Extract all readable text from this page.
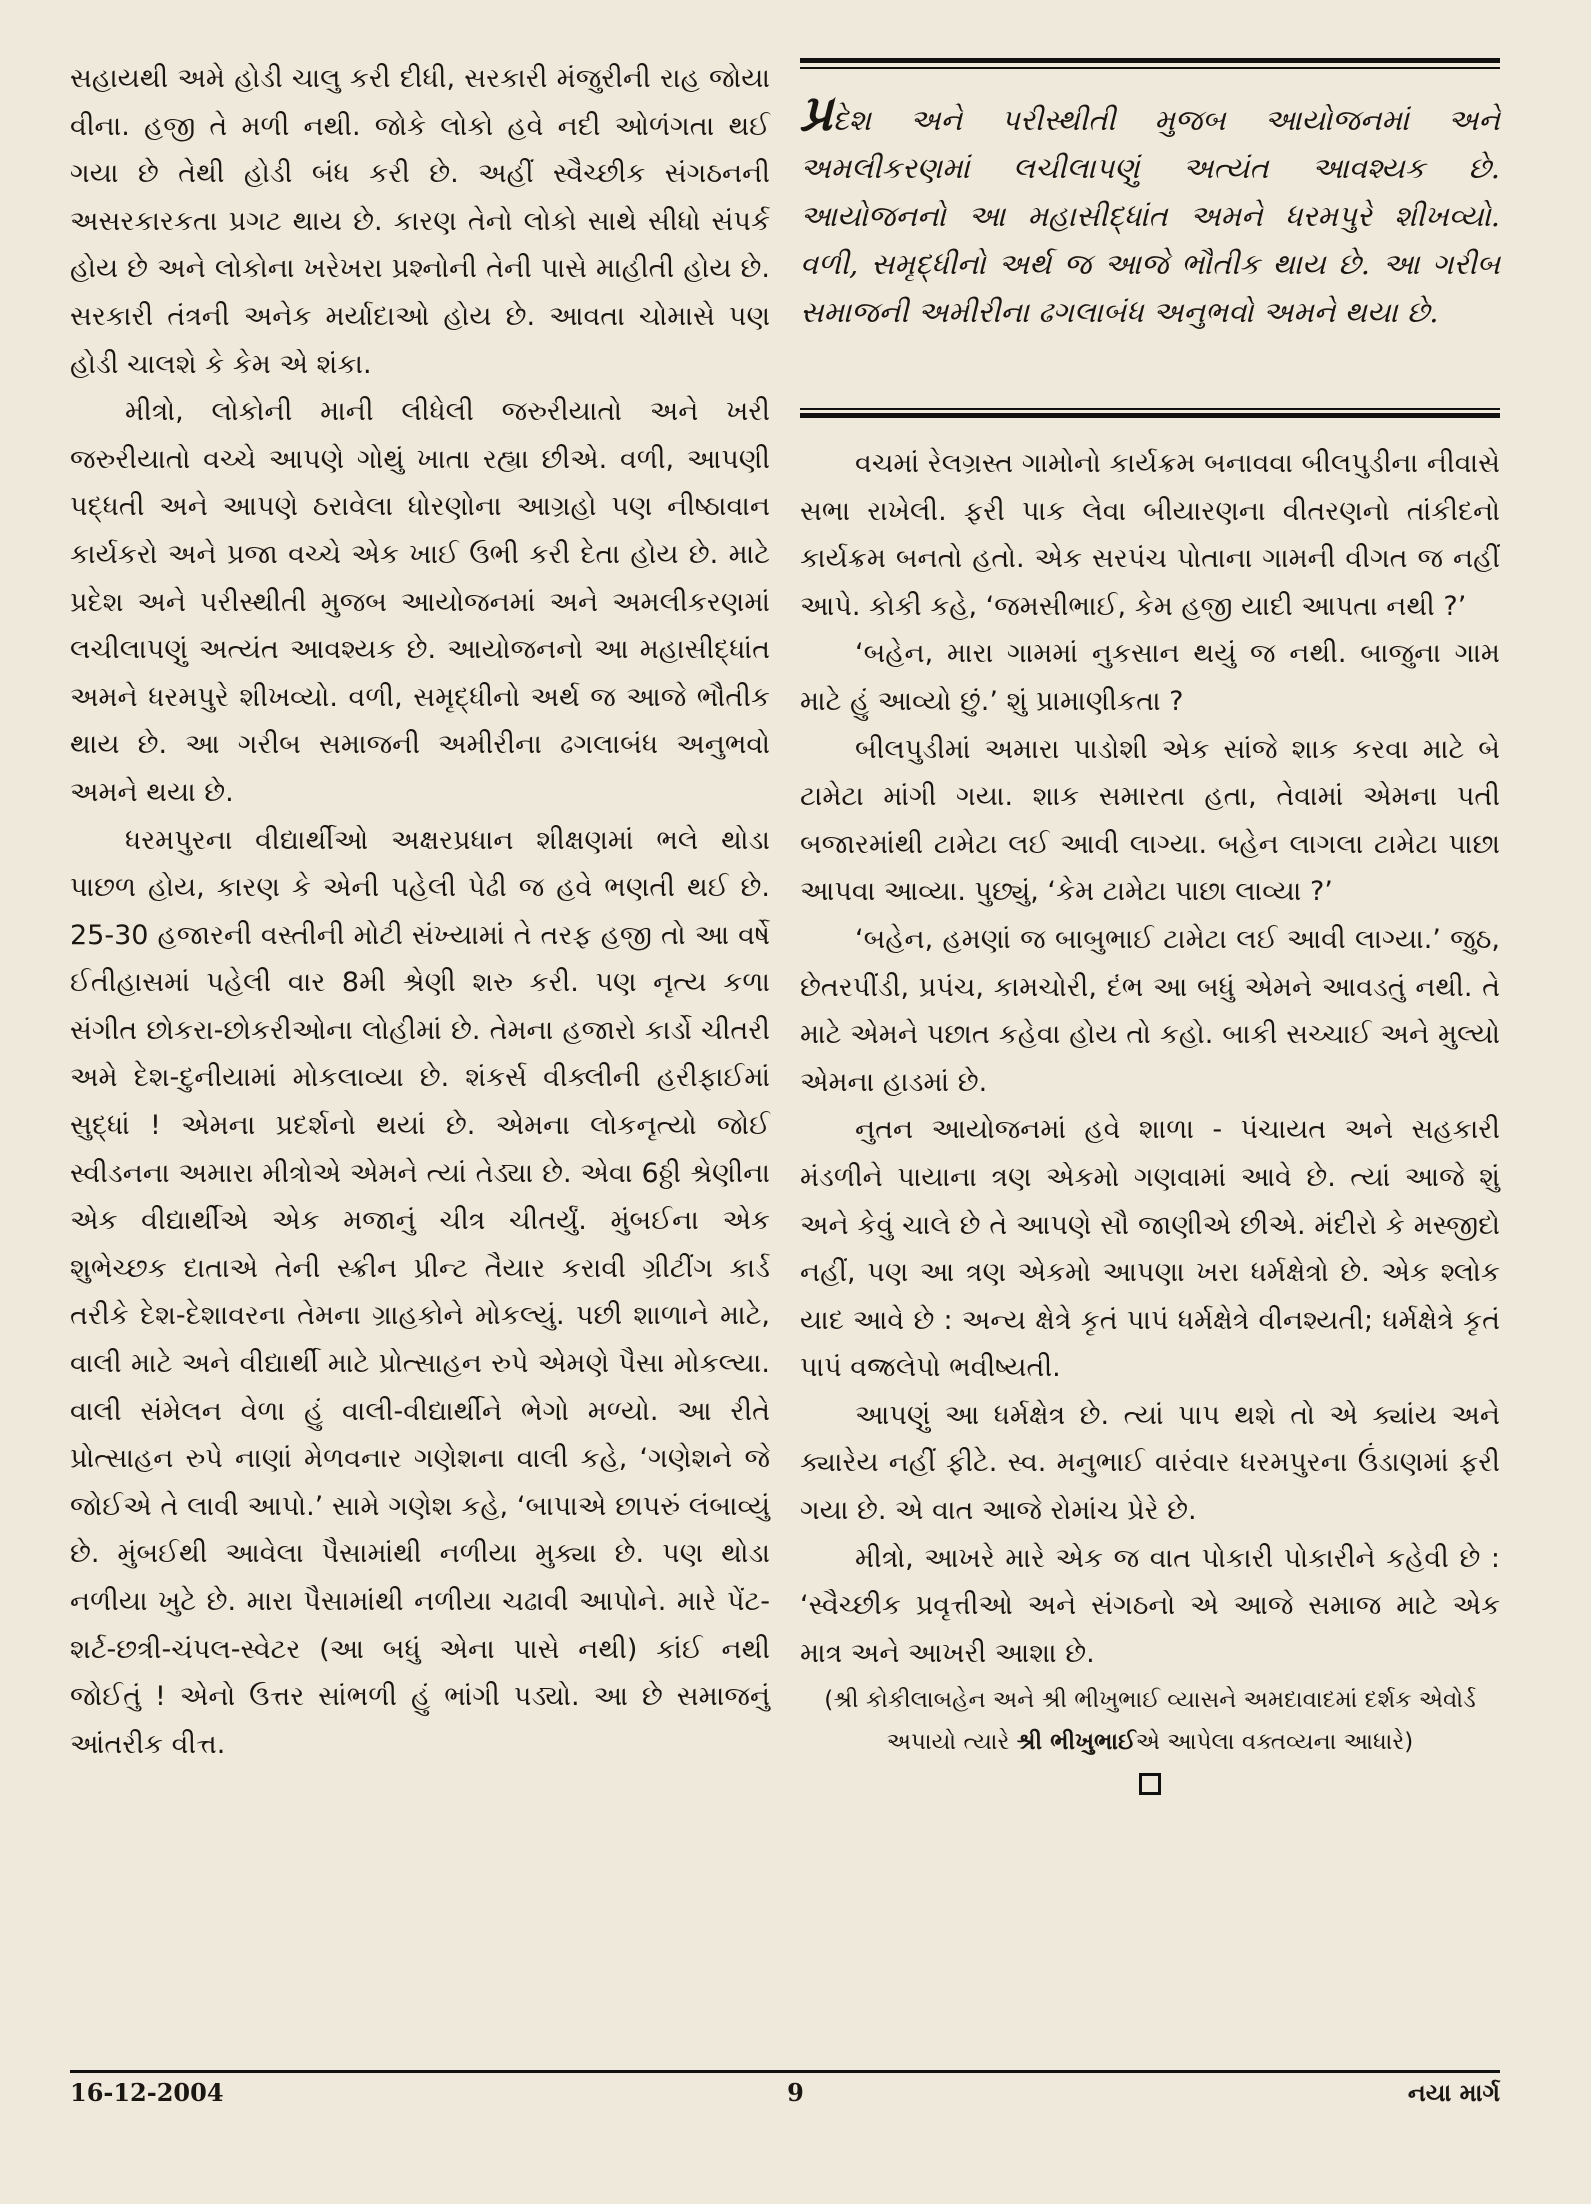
સહાયથી અમે હોડી ચાલુ કરી દીધી, સરકારી મંજુરીની રાહ જોયા વીના. હજી તે મળી નથી. જોકે લોકો હવે નદી ઓળંગતા થઈ ગયા છે તેથી હોડી બંધ કરી છે. અહીં સ્વૈચ્છીક સંગઠનની અસરકારકતા પ્રગટ થાય છે. કારણ તેનો લોકો સાથે સીધો સંપર્ક હોય છે અને લોકોના ખરેખરા પ્રશ્નોની તેની પાસે માહીતી હોય છે. સરકારી તંત્રની અનેક મર્યાદાઓ હોય છે. આવતા ચોમાસે પણ હોડી ચાલશે કે કેમ એ શંકા.

મીત્રો, લોકોની માની લીધેલી જરુરીયાતો અને ખરી જરુરીયાતો વચ્ચે આપણે ગોથું ખાતા રહ્યા છીએ. વળી, આપણી પદ્ધતી અને આપણે ઠરાવેલા ધોરણોના આગ્રહો પણ નીષ્ઠાવાન કાર્યકરો અને પ્રજા વચ્ચે એક ખાઈ ઉભી કરી દેતા હોય છે. માટે પ્રદેશ અને પરીસ્થીતી મુજબ આયોજનમાં અને અમલીકરણમાં લચીલાપણું અત્યંત આવશ્યક છે. આયોજનનો આ મહાસીદ્ધાંત અમને ધરમપુરે શીખવ્યો. વળી, સમૃદ્ધીનો અર્થ જ આજે ભૌતીક થાય છે. આ ગરીબ સમાજની અમીરીના ઢગલાબંધ અનુભવો અમને થયા છે.

ધરમપુરના વીદ્યાર્થીઓ અક્ષરપ્રધાન શીક્ષણમાં ભલે થોડા પાછળ હોય, કારણ કે એની પહેલી પેઢી જ હવે ભણતી થઈ છે. 25-30 હજારની વસ્તીની મોટી સંખ્યામાં તે તરફ હજી તો આ વર્ષે ઈતીહાસમાં પહેલી વાર 8મી શ્રેણી શરુ કરી. પણ નૃત્ય કળા સંગીત છોકરા-છોકરીઓના લોહીમાં છે. તેમના હજારો કાર્ડો ચીતરી અમે દેશ-દુનીયામાં મોકલાવ્યા છે. શંકર્સ વીક્લીની હરીફાઈમાં સુદ્ધાં ! એમના પ્રદર્શનો થયાં છે. એમના લોકનૃત્યો જોઈ સ્વીડનના અમારા મીત્રોએ એમને ત્યાં તેડ્યા છે. એવા 6ઠ્ઠી શ્રેણીના એક વીદ્યાર્થીએ એક મજાનું ચીત્ર ચીતર્યું. મુંબઈના એક શુભેચ્છક દાતાએ તેની સ્ક્રીન પ્રીન્ટ તૈયાર કરાવી ગ્રીટીંગ કાર્ડ તરીકે દેશ-દેશાવરના તેમના ગ્રાહકોને મોકલ્યું. પછી શાળાને માટે, વાલી માટે અને વીદ્યાર્થી માટે પ્રોત્સાહન રુપે એમણે પૈસા મોકલ્યા. વાલી સંમેલન વેળા હું વાલી-વીદ્યાર્થીને ભેગો મળ્યો. આ રીતે પ્રોત્સાહન રુપે નાણાં મેળવનાર ગણેશના વાલી કહે, ‘ગણેશને જે જોઈએ તે લાવી આપો.’ સામે ગણેશ કહે, ‘બાપાએ છાપરું લંબાવ્યું છે. મુંબઈથી આવેલા પૈસામાંથી નળીયા મુક્યા છે. પણ થોડા નળીયા ખુટે છે. મારા પૈસામાંથી નળીયા ચઢાવી આપોને. મારે પેંટ-શર્ટ-છત્રી-ચંપલ-સ્વેટર (આ બધું એના પાસે નથી) કાંઈ નથી જોઈતું ! એનો ઉત્તર સાંભળી હું ભાંગી પડ્યો. આ છે સમાજનું આંતરીક વીત્ત.

પ્રદેશ અને પરીસ્થીતી મુજબ આયોજનમાં અને અમલીકરણમાં લચીલાપણું અત્યંત આવશ્યક છે. આયોજનનો આ મહાસીદ્ધાંત અમને ધરમપુરે શીખવ્યો. વળી, સમૃદ્ધીનો અર્થ જ આજે ભૌતીક થાય છે. આ ગરીબ સમાજની અમીરીના ઢગલાબંધ અનુભવો અમને થયા છે.

વચમાં રેલગ્રસ્ત ગામોનો કાર્યક્રમ બનાવવા બીલપુડીના નીવાસે સભા રાખેલી. ફરી પાક લેવા બીયારણના વીતરણનો તાંકીદનો કાર્યક્રમ બનતો હતો. એક સરપંચ પોતાના ગામની વીગત જ નહીં આપે. કોકી કહે, ‘જમસીભાઈ, કેમ હજી યાદી આપતા નથી ?’

‘બહેન, મારા ગામમાં નુકસાન થયું જ નથી. બાજુના ગામ માટે હું આવ્યો છું.’ શું પ્રામાણીકતા ?

બીલપુડીમાં અમારા પાડોશી એક સાંજે શાક કરવા માટે બે ટામેટા માંગી ગયા. શાક સમારતા હતા, તેવામાં એમના પતી બજારમાંથી ટામેટા લઈ આવી લાગ્યા. બહેન લાગલા ટામેટા પાછા આપવા આવ્યા. પુછ્યું, ‘કેમ ટામેટા પાછા લાવ્યા ?’

‘બહેન, હમણાં જ બાબુભાઈ ટામેટા લઈ આવી લાગ્યા.’ જુઠ, છેતરપીંડી, પ્રપંચ, કામચોરી, દંભ આ બધું એમને આવડતું નથી. તે માટે એમને પછાત કહેવા હોય તો કહો. બાકી સચ્ચાઈ અને મુલ્યો એમના હાડમાં છે.

નુતન આયોજનમાં હવે શાળા - પંચાયત અને સહકારી મંડળીને પાયાના ત્રણ એકમો ગણવામાં આવે છે. ત્યાં આજે શું અને કેવું ચાલે છે તે આપણે સૌ જાણીએ છીએ. મંદીરો કે મસ્જીદો નહીં, પણ આ ત્રણ એકમો આપણા ખરા ધર્મક્ષેત્રો છે. એક શ્લોક યાદ આવે છે : અન્ય ક્ષેત્રે કૃતં પાપં ધર્મક્ષેત્રે વીનશ્યતી; ધર્મક્ષેત્રે કૃતં પાપં વજ્રલેપો ભવીષ્યતી.

આપણું આ ધર્મક્ષેત્ર છે. ત્યાં પાપ થશે તો એ ક્યાંય અને ક્યારેય નહીં ફીટે. સ્વ. મનુભાઈ વારંવાર ધરમપુરના ઉંડાણમાં ફરી ગયા છે. એ વાત આજે રોમાંચ પ્રેરે છે.

મીત્રો, આખરે મારે એક જ વાત પોકારી પોકારીને કહેવી છે : ‘સ્વૈચ્છીક પ્રવૃત્તીઓ અને સંગઠનો એ આજે સમાજ માટે એક માત્ર અને આખરી આશા છે.

(શ્રી કોકીલાબહેન અને શ્રી ભીખુભાઈ વ્યાસને અમદાવાદમાં દર્શક એવોર્ડ અપાયો ત્યારે શ્રી ભીખુભાઈએ આપેલા વક્તવ્યના આધારે)

16-12-2004	9	નયા માર્ગ
